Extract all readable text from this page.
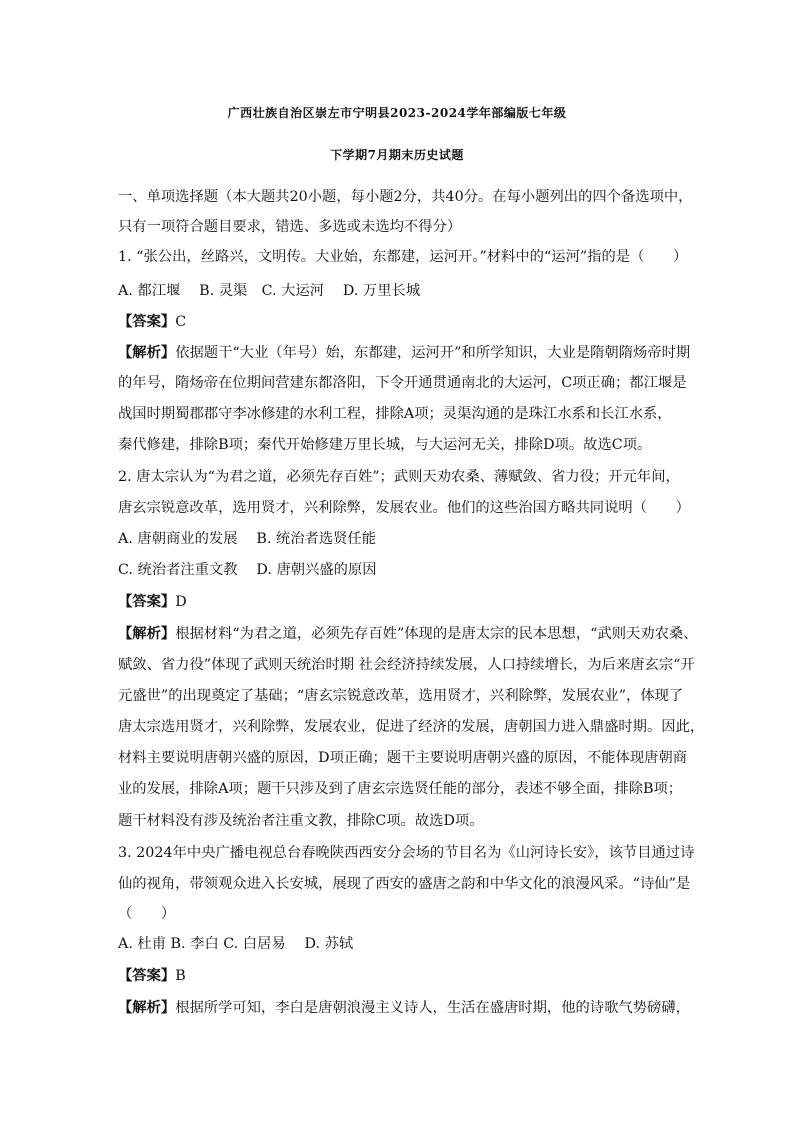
广西壮族自治区崇左市宁明县2023-2024学年部编版七年级
下学期7月期末历史试题
一、单项选择题（本大题共20小题，每小题2分，共40分。在每小题列出的四个备选项中，
只有一项符合题目要求，错选、多选或未选均不得分）
1. “张公出，丝路兴，文明传。大业始，东都建，运河开。”材料中的“运河”指的是（　　）
A. 都江堰　 B. 灵渠　C. 大运河　 D. 万里长城
【答案】C
【解析】依据题干“大业（年号）始，东都建，运河开”和所学知识，大业是隋朝隋炀帝时期
的年号，隋炀帝在位期间营建东都洛阳，下令开通贯通南北的大运河，C项正确；都江堰是
战国时期蜀郡郡守李冰修建的水利工程，排除A项；灵渠沟通的是珠江水系和长江水系，
秦代修建，排除B项；秦代开始修建万里长城，与大运河无关，排除D项。故选C项。
2. 唐太宗认为“为君之道，必须先存百姓”；武则天劝农桑、薄赋敛、省力役；开元年间，
唐玄宗锐意改革，选用贤才，兴利除弊，发展农业。他们的这些治国方略共同说明（　　）
A. 唐朝商业的发展　 B. 统治者选贤任能
C. 统治者注重文教　 D. 唐朝兴盛的原因
【答案】D
【解析】根据材料“为君之道，必须先存百姓”体现的是唐太宗的民本思想，“武则天劝农桑、
赋敛、省力役”体现了武则天统治时期 社会经济持续发展，人口持续增长，为后来唐玄宗“开
元盛世”的出现奠定了基础；“唐玄宗锐意改革，选用贤才，兴利除弊，发展农业”，体现了
唐太宗选用贤才，兴利除弊，发展农业，促进了经济的发展，唐朝国力进入鼎盛时期。因此，
材料主要说明唐朝兴盛的原因，D项正确；题干主要说明唐朝兴盛的原因，不能体现唐朝商
业的发展，排除A项；题干只涉及到了唐玄宗选贤任能的部分，表述不够全面，排除B项；
题干材料没有涉及统治者注重文教，排除C项。故选D项。
3. 2024年中央广播电视总台春晚陕西西安分会场的节目名为《山河诗长安》，该节目通过诗
仙的视角，带领观众进入长安城，展现了西安的盛唐之韵和中华文化的浪漫风采。“诗仙”是
（　　）
A. 杜甫 B. 李白 C. 白居易　 D. 苏轼
【答案】B
【解析】根据所学可知，李白是唐朝浪漫主义诗人，生活在盛唐时期，他的诗歌气势磅礴，
